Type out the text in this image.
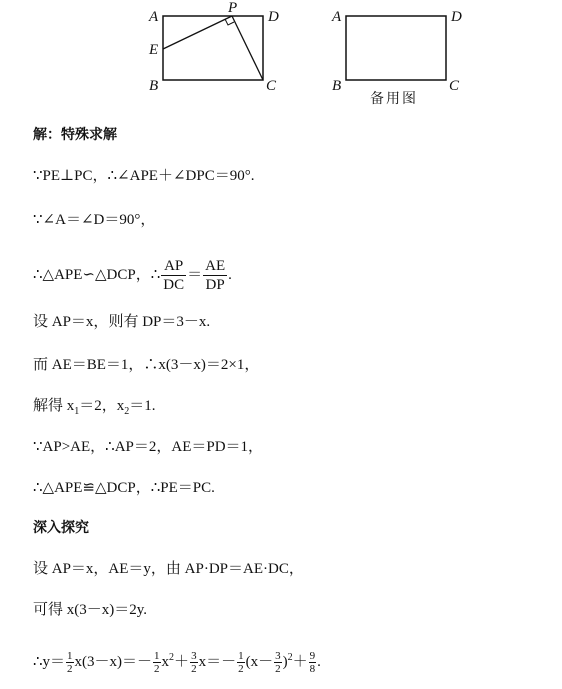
A	D
B	C
E
P
A	D
B	C
备用图
解：特殊求解
∵PE⊥PC，∴∠APE＋∠DPC＝90°.
∵∠A＝∠D＝90°，
∴△APE∽△DCP，∴ $\frac{AP}{DC} = \frac{AE}{DP}$ .
设 AP＝x，则有 DP＝3－x.
而 AE＝BE＝1，∴x(3－x)＝2×1，
解得 $x_1=2$，$x_2=1$.
∵AP>AE，∴AP＝2，AE＝PD＝1，
∴△APE≌△DCP，∴PE＝PC.
深入探究
设 AP＝x，AE＝y，由 AP·DP＝AE·DC，
可得 x(3－x)＝2y.
∴y＝ $\frac{1}{2} x(3-x)=- \frac{1}{2} x^2+ \frac{3}{2} x=- \frac{1}{2} (x- \frac{3}{2} )^2+ \frac{9}{8}$ .
